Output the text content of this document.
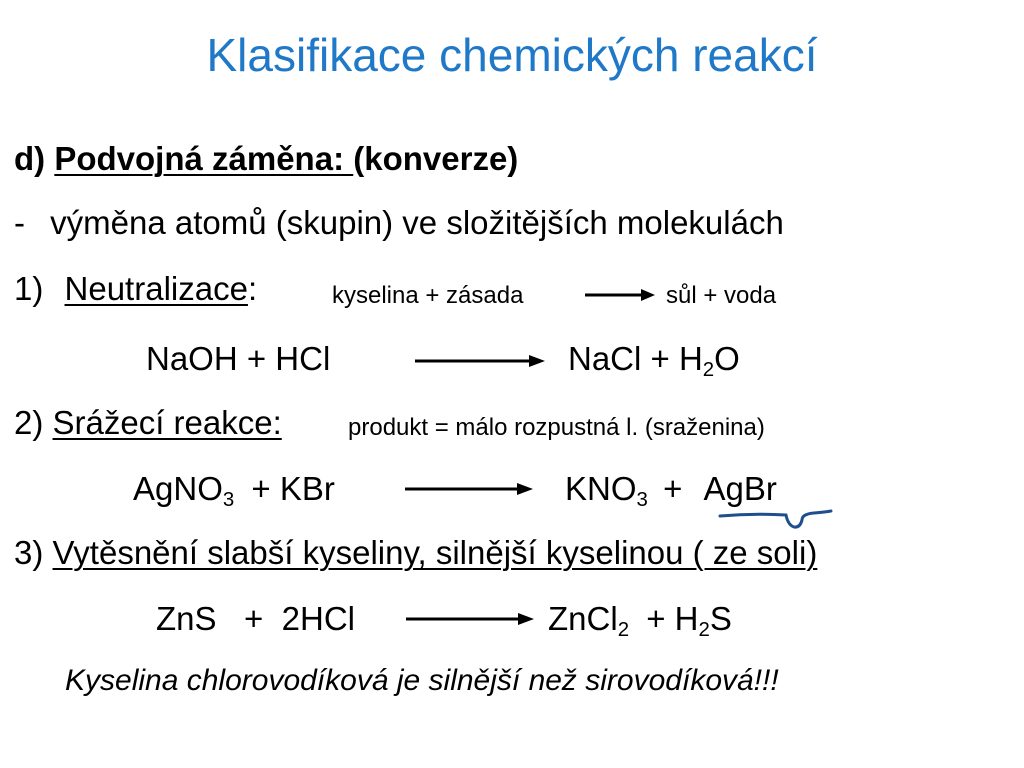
Klasifikace chemických reakcí
d) Podvojná záměna: (konverze)
- výměna atomů (skupin) ve složitějších molekulách
1) Neutralizace:	kyselina + zásada	sůl + voda
NaOH + HCl	NaCl + $H_2O$
2) Srážecí reakce:	produkt = málo rozpustná l. (sraženina)
AgNO$_3$ + KBr	$KNO_3$ + AgBr
3) Vytěsnění slabší kyseliny, silnější kyselinou ( ze soli)
ZnS   +  2HCl	ZnCl$_2$ + $H_2S$
Kyselina chlorovodíková je silnější než sirovodíková!!!
